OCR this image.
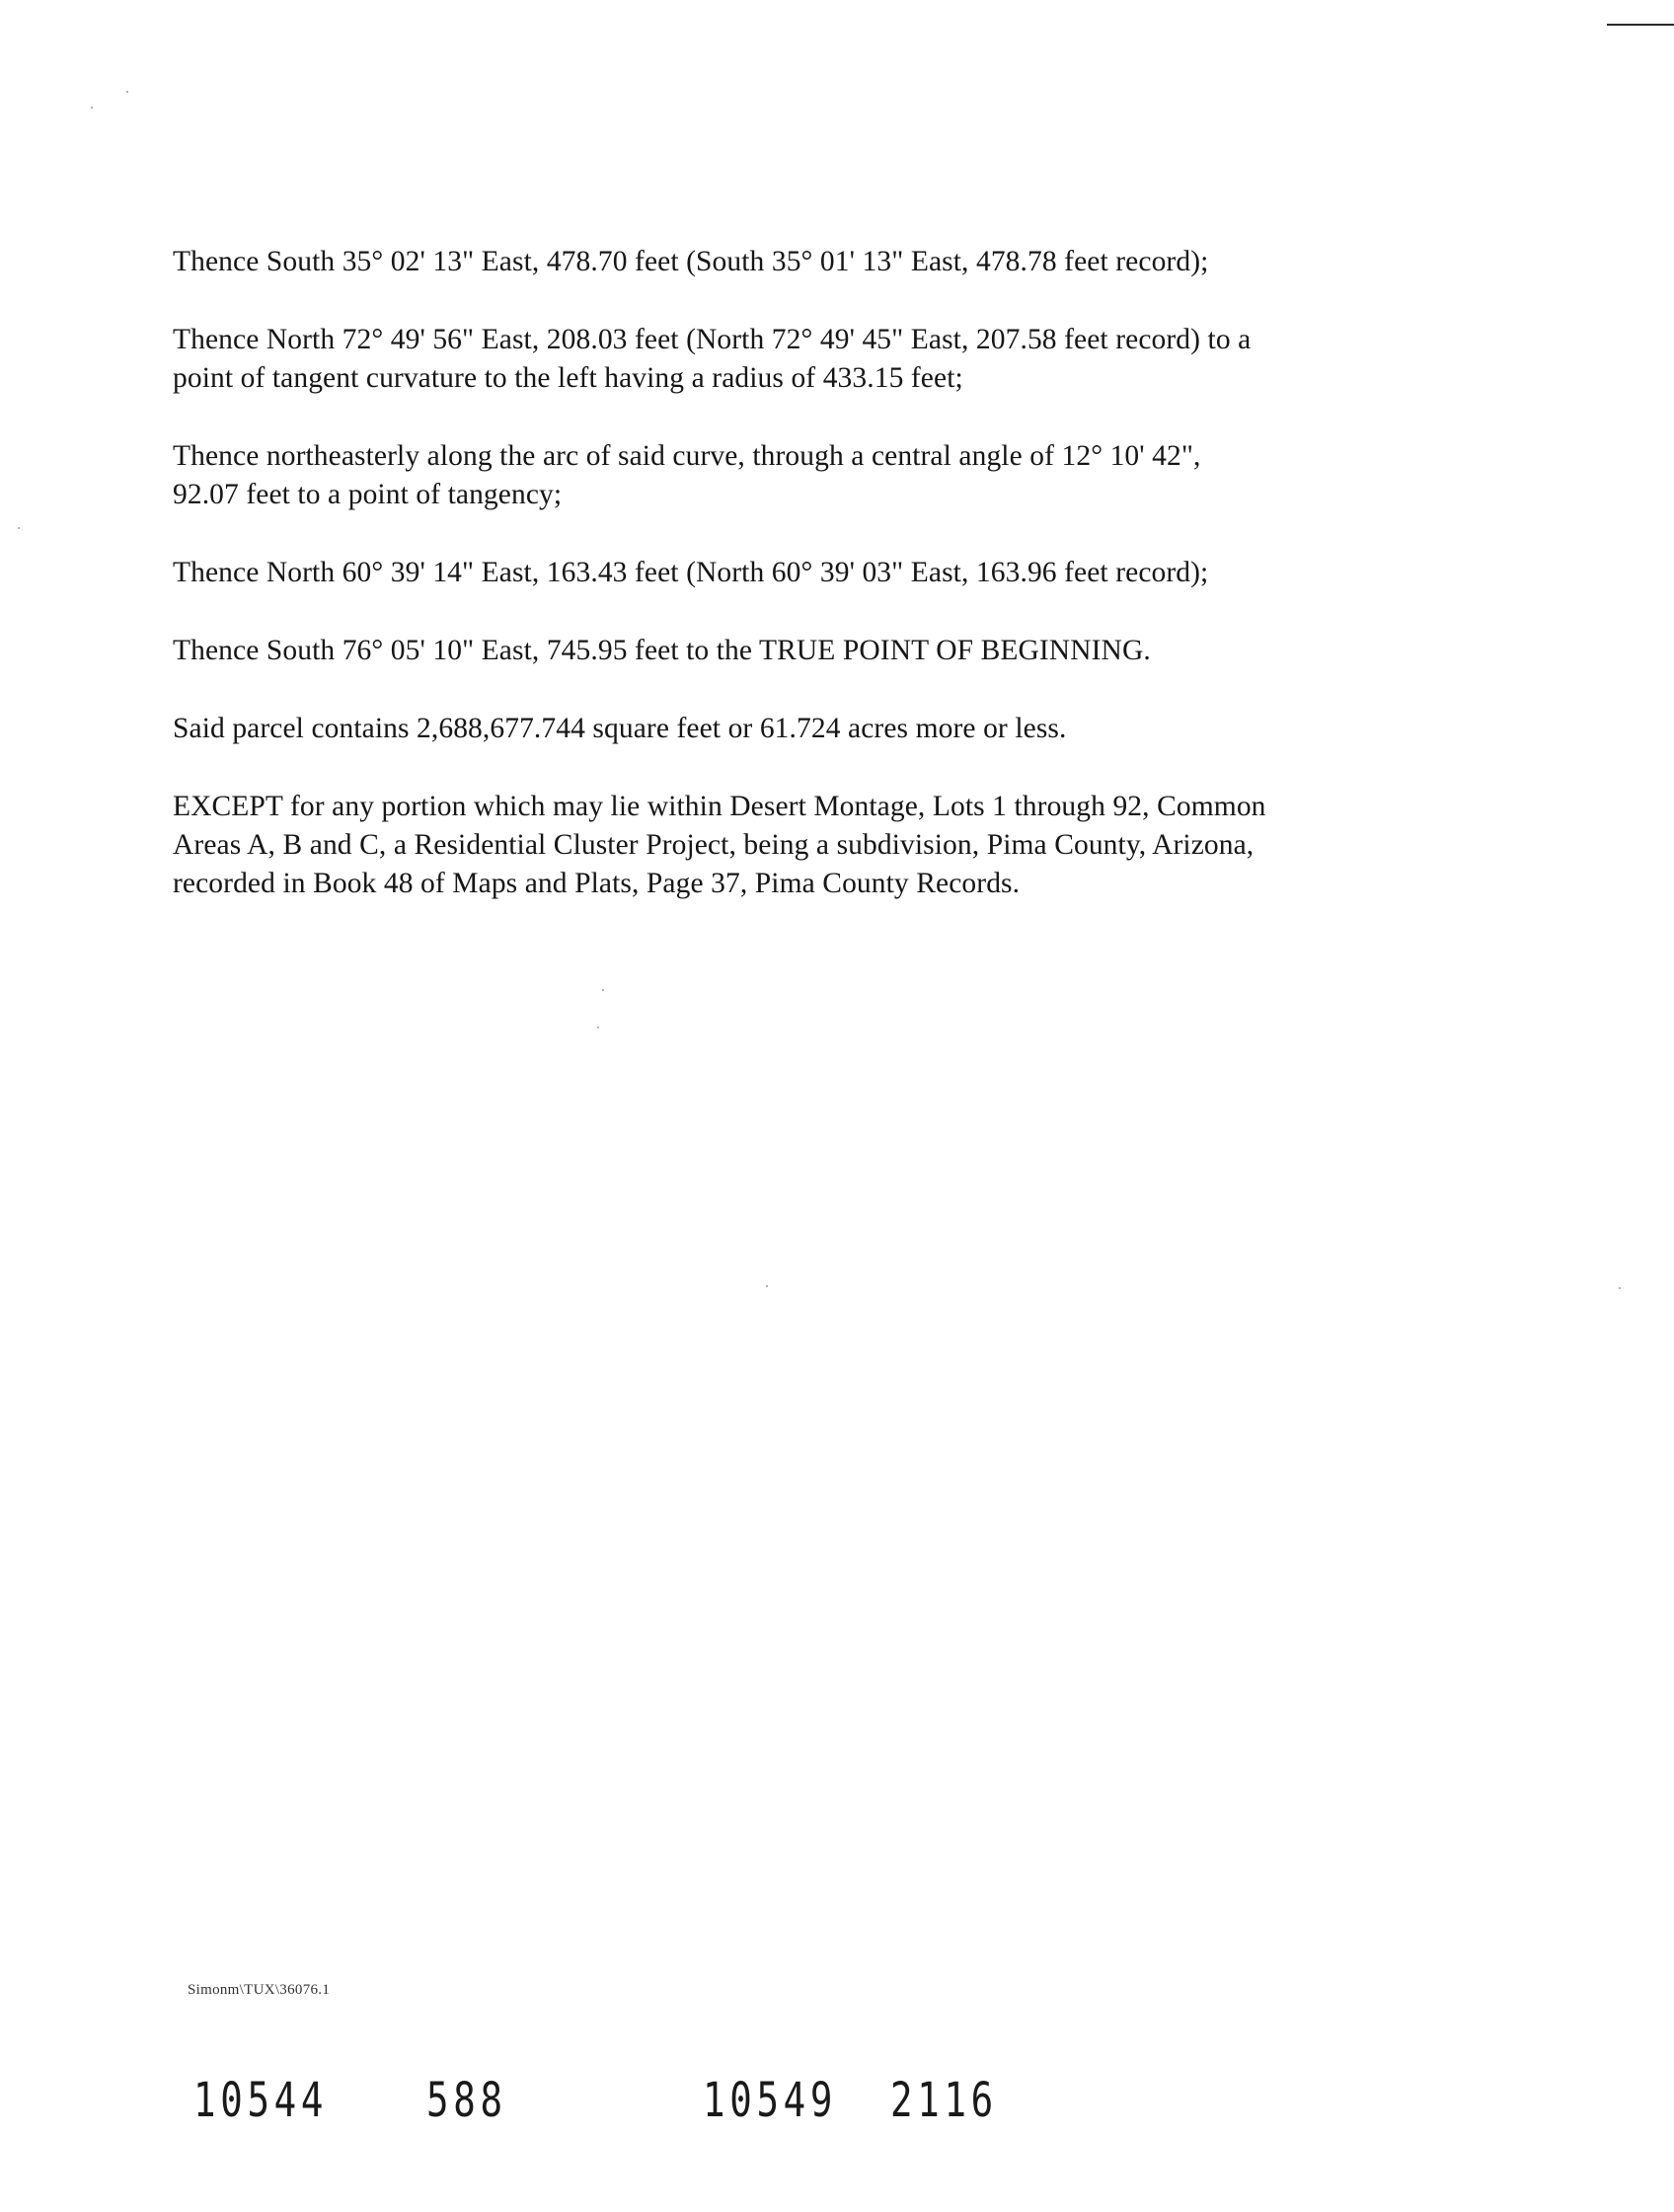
Thence South 35° 02' 13" East, 478.70 feet (South 35° 01' 13" East, 478.78 feet record);

Thence North 72° 49' 56" East, 208.03 feet (North 72° 49' 45" East, 207.58 feet record) to a
point of tangent curvature to the left having a radius of 433.15 feet;

Thence northeasterly along the arc of said curve, through a central angle of 12° 10' 42",
92.07 feet to a point of tangency;

Thence North 60° 39' 14" East, 163.43 feet (North 60° 39' 03" East, 163.96 feet record);

Thence South 76° 05' 10" East, 745.95 feet to the TRUE POINT OF BEGINNING.

Said parcel contains 2,688,677.744 square feet or 61.724 acres more or less.

EXCEPT for any portion which may lie within Desert Montage, Lots 1 through 92, Common
Areas A, B and C, a Residential Cluster Project, being a subdivision, Pima County, Arizona,
recorded in Book 48 of Maps and Plats, Page 37, Pima County Records.

Simonm\TUX\36076.1
10544 588	10549 2116
